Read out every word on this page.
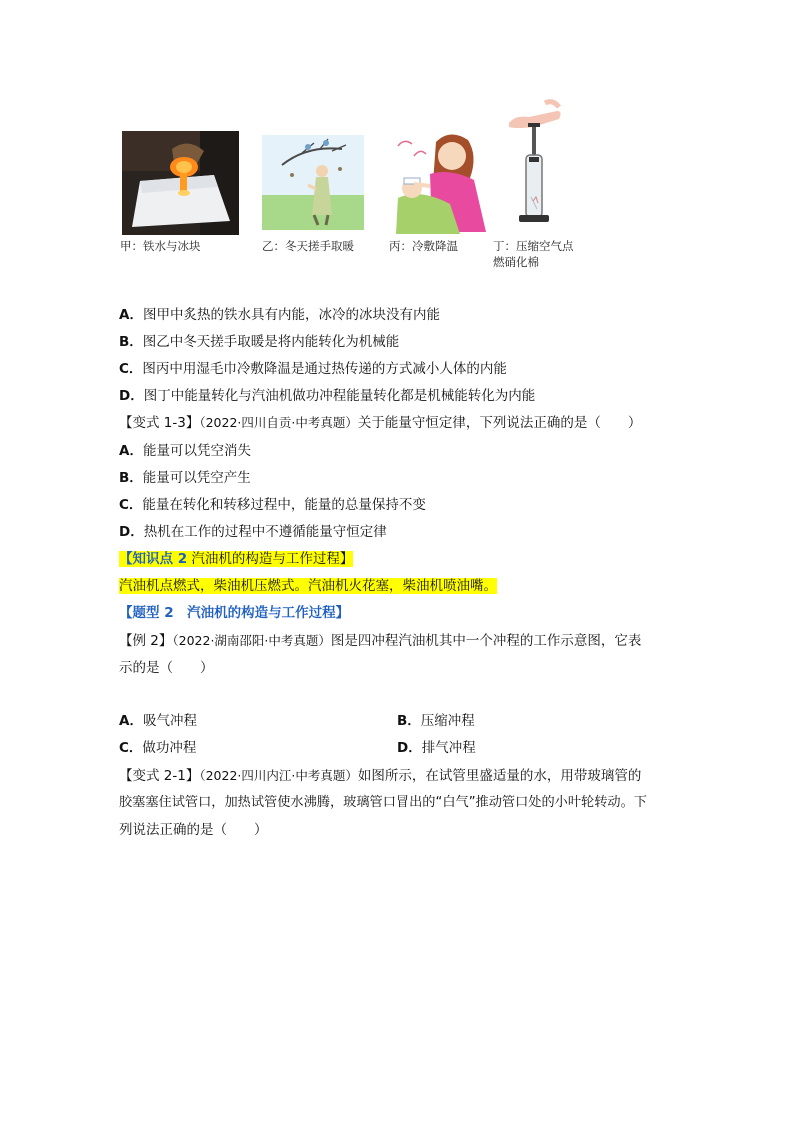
甲：铁水与冰块	乙：冬天搓手取暖	丙：冷敷降温	丁：压缩空气点
燃硝化棉
A．图甲中炙热的铁水具有内能，冰冷的冰块没有内能
B．图乙中冬天搓手取暖是将内能转化为机械能
C．图丙中用湿毛巾冷敷降温是通过热传递的方式减小人体的内能
D．图丁中能量转化与汽油机做功冲程能量转化都是机械能转化为内能
【变式 1-3】（2022·四川自贡·中考真题）关于能量守恒定律，下列说法正确的是（　　）
A．能量可以凭空消失
B．能量可以凭空产生
C．能量在转化和转移过程中，能量的总量保持不变
D．热机在工作的过程中不遵循能量守恒定律
【知识点 2 汽油机的构造与工作过程】
汽油机点燃式，柴油机压燃式。汽油机火花塞，柴油机喷油嘴。
【题型 2　汽油机的构造与工作过程】
【例 2】（2022·湖南邵阳·中考真题）图是四冲程汽油机其中一个冲程的工作示意图，它表
示的是（　　）
A．吸气冲程	B．压缩冲程
C．做功冲程	D．排气冲程
【变式 2-1】（2022·四川内江·中考真题）如图所示，在试管里盛适量的水，用带玻璃管的
胶塞塞住试管口，加热试管使水沸腾，玻璃管口冒出的“白气”推动管口处的小叶轮转动。下
列说法正确的是（　　）
